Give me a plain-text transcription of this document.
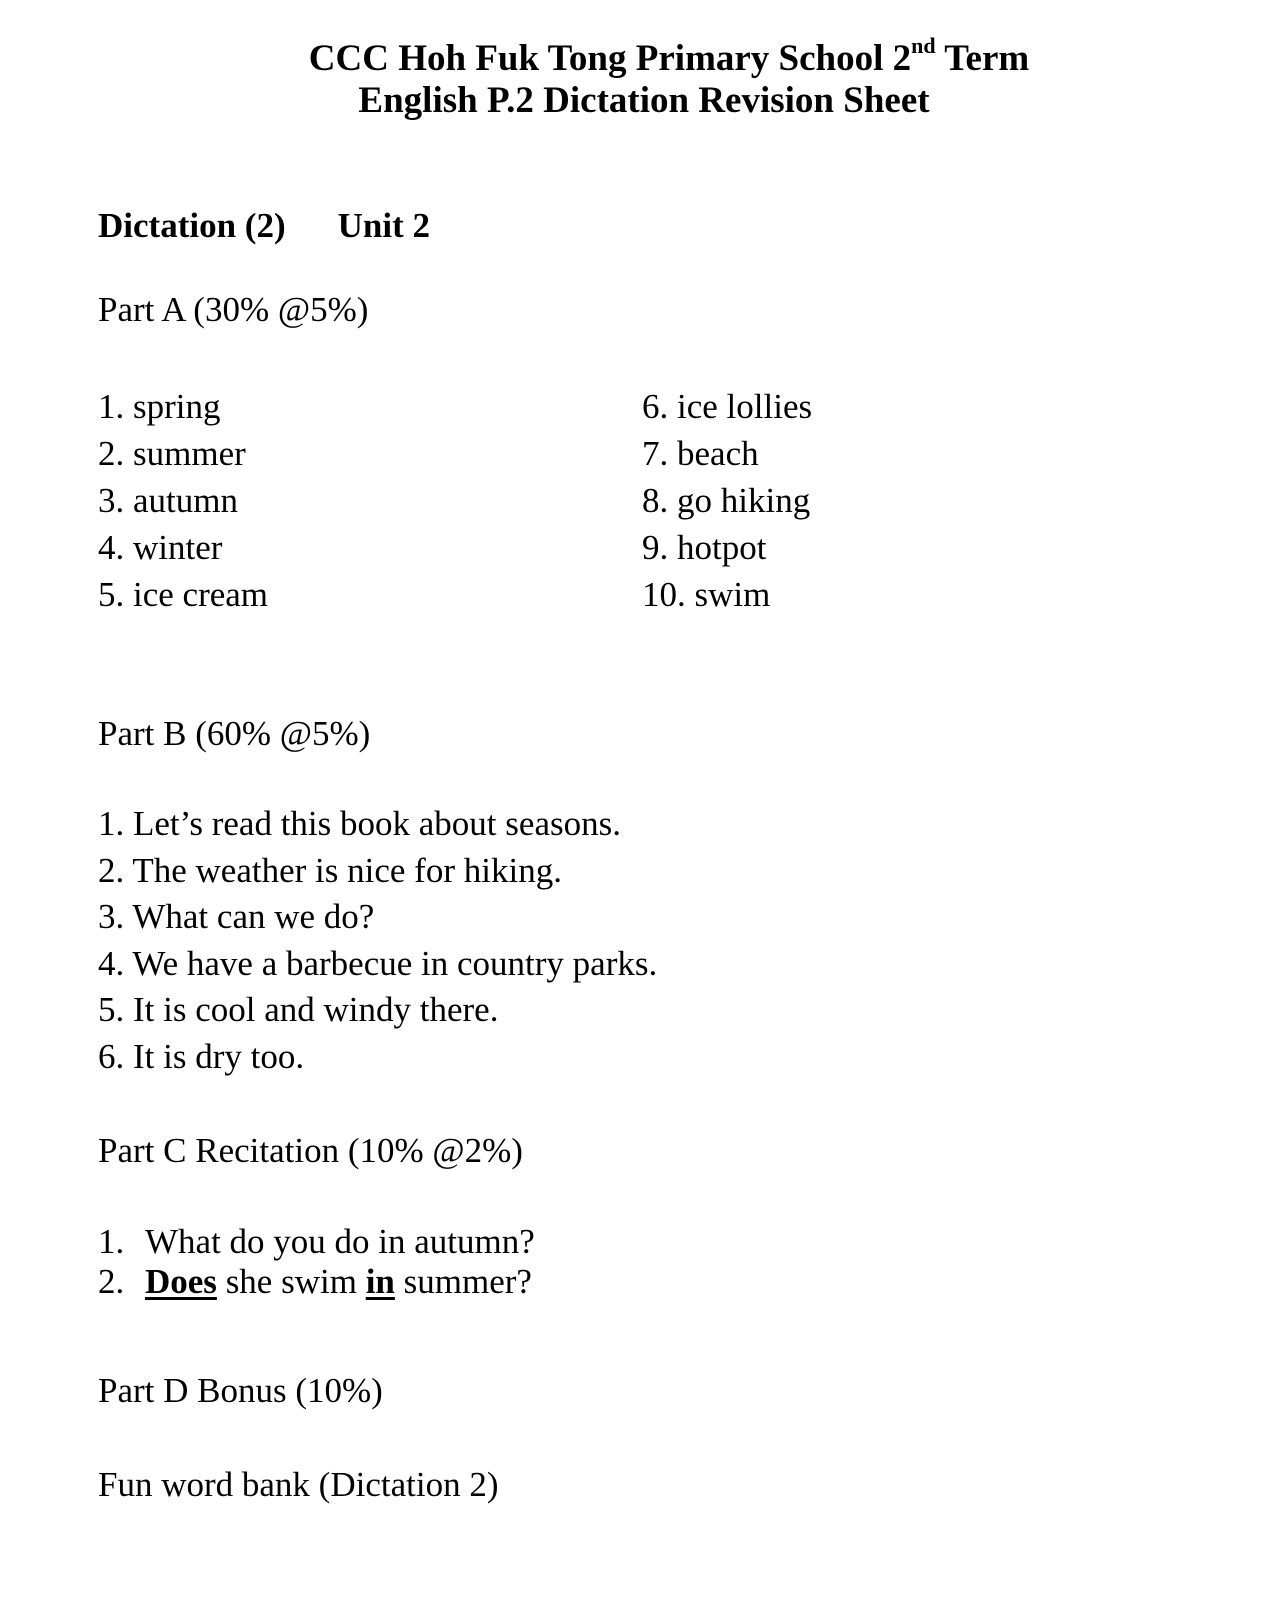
CCC Hoh Fuk Tong Primary School 2nd Term
English P.2 Dictation Revision Sheet
Dictation (2) Unit 2
Part A (30% @5%)
1. spring
2. summer
3. autumn
4. winter
5. ice cream
6. ice lollies
7. beach
8. go hiking
9. hotpot
10. swim
Part B (60% @5%)
1. Let’s read this book about seasons.
2. The weather is nice for hiking.
3. What can we do?
4. We have a barbecue in country parks.
5. It is cool and windy there.
6. It is dry too.
Part C Recitation (10% @2%)
1. What do you do in autumn?
2. Does she swim in summer?
Part D Bonus (10%)
Fun word bank (Dictation 2)
